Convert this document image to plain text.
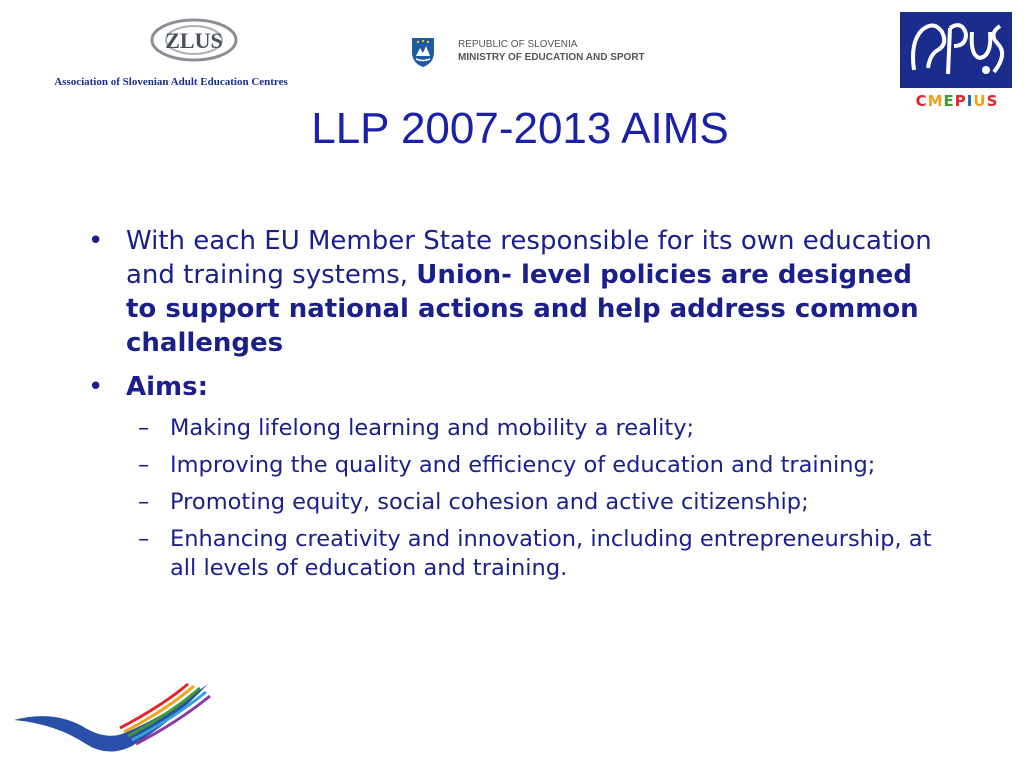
ZLUS
Association of Slovenian Adult Education Centres
REPUBLIC OF SLOVENIA
MINISTRY OF EDUCATION AND SPORT
CMEPIUS
LLP 2007-2013 AIMS
• With each EU Member State responsible for its own education and training systems, Union- level policies are designed to support national actions and help address common challenges
• Aims:
– Making lifelong learning and mobility a reality;
– Improving the quality and efficiency of education and training;
– Promoting equity, social cohesion and active citizenship;
– Enhancing creativity and innovation, including entrepreneurship, at all levels of education and training.
